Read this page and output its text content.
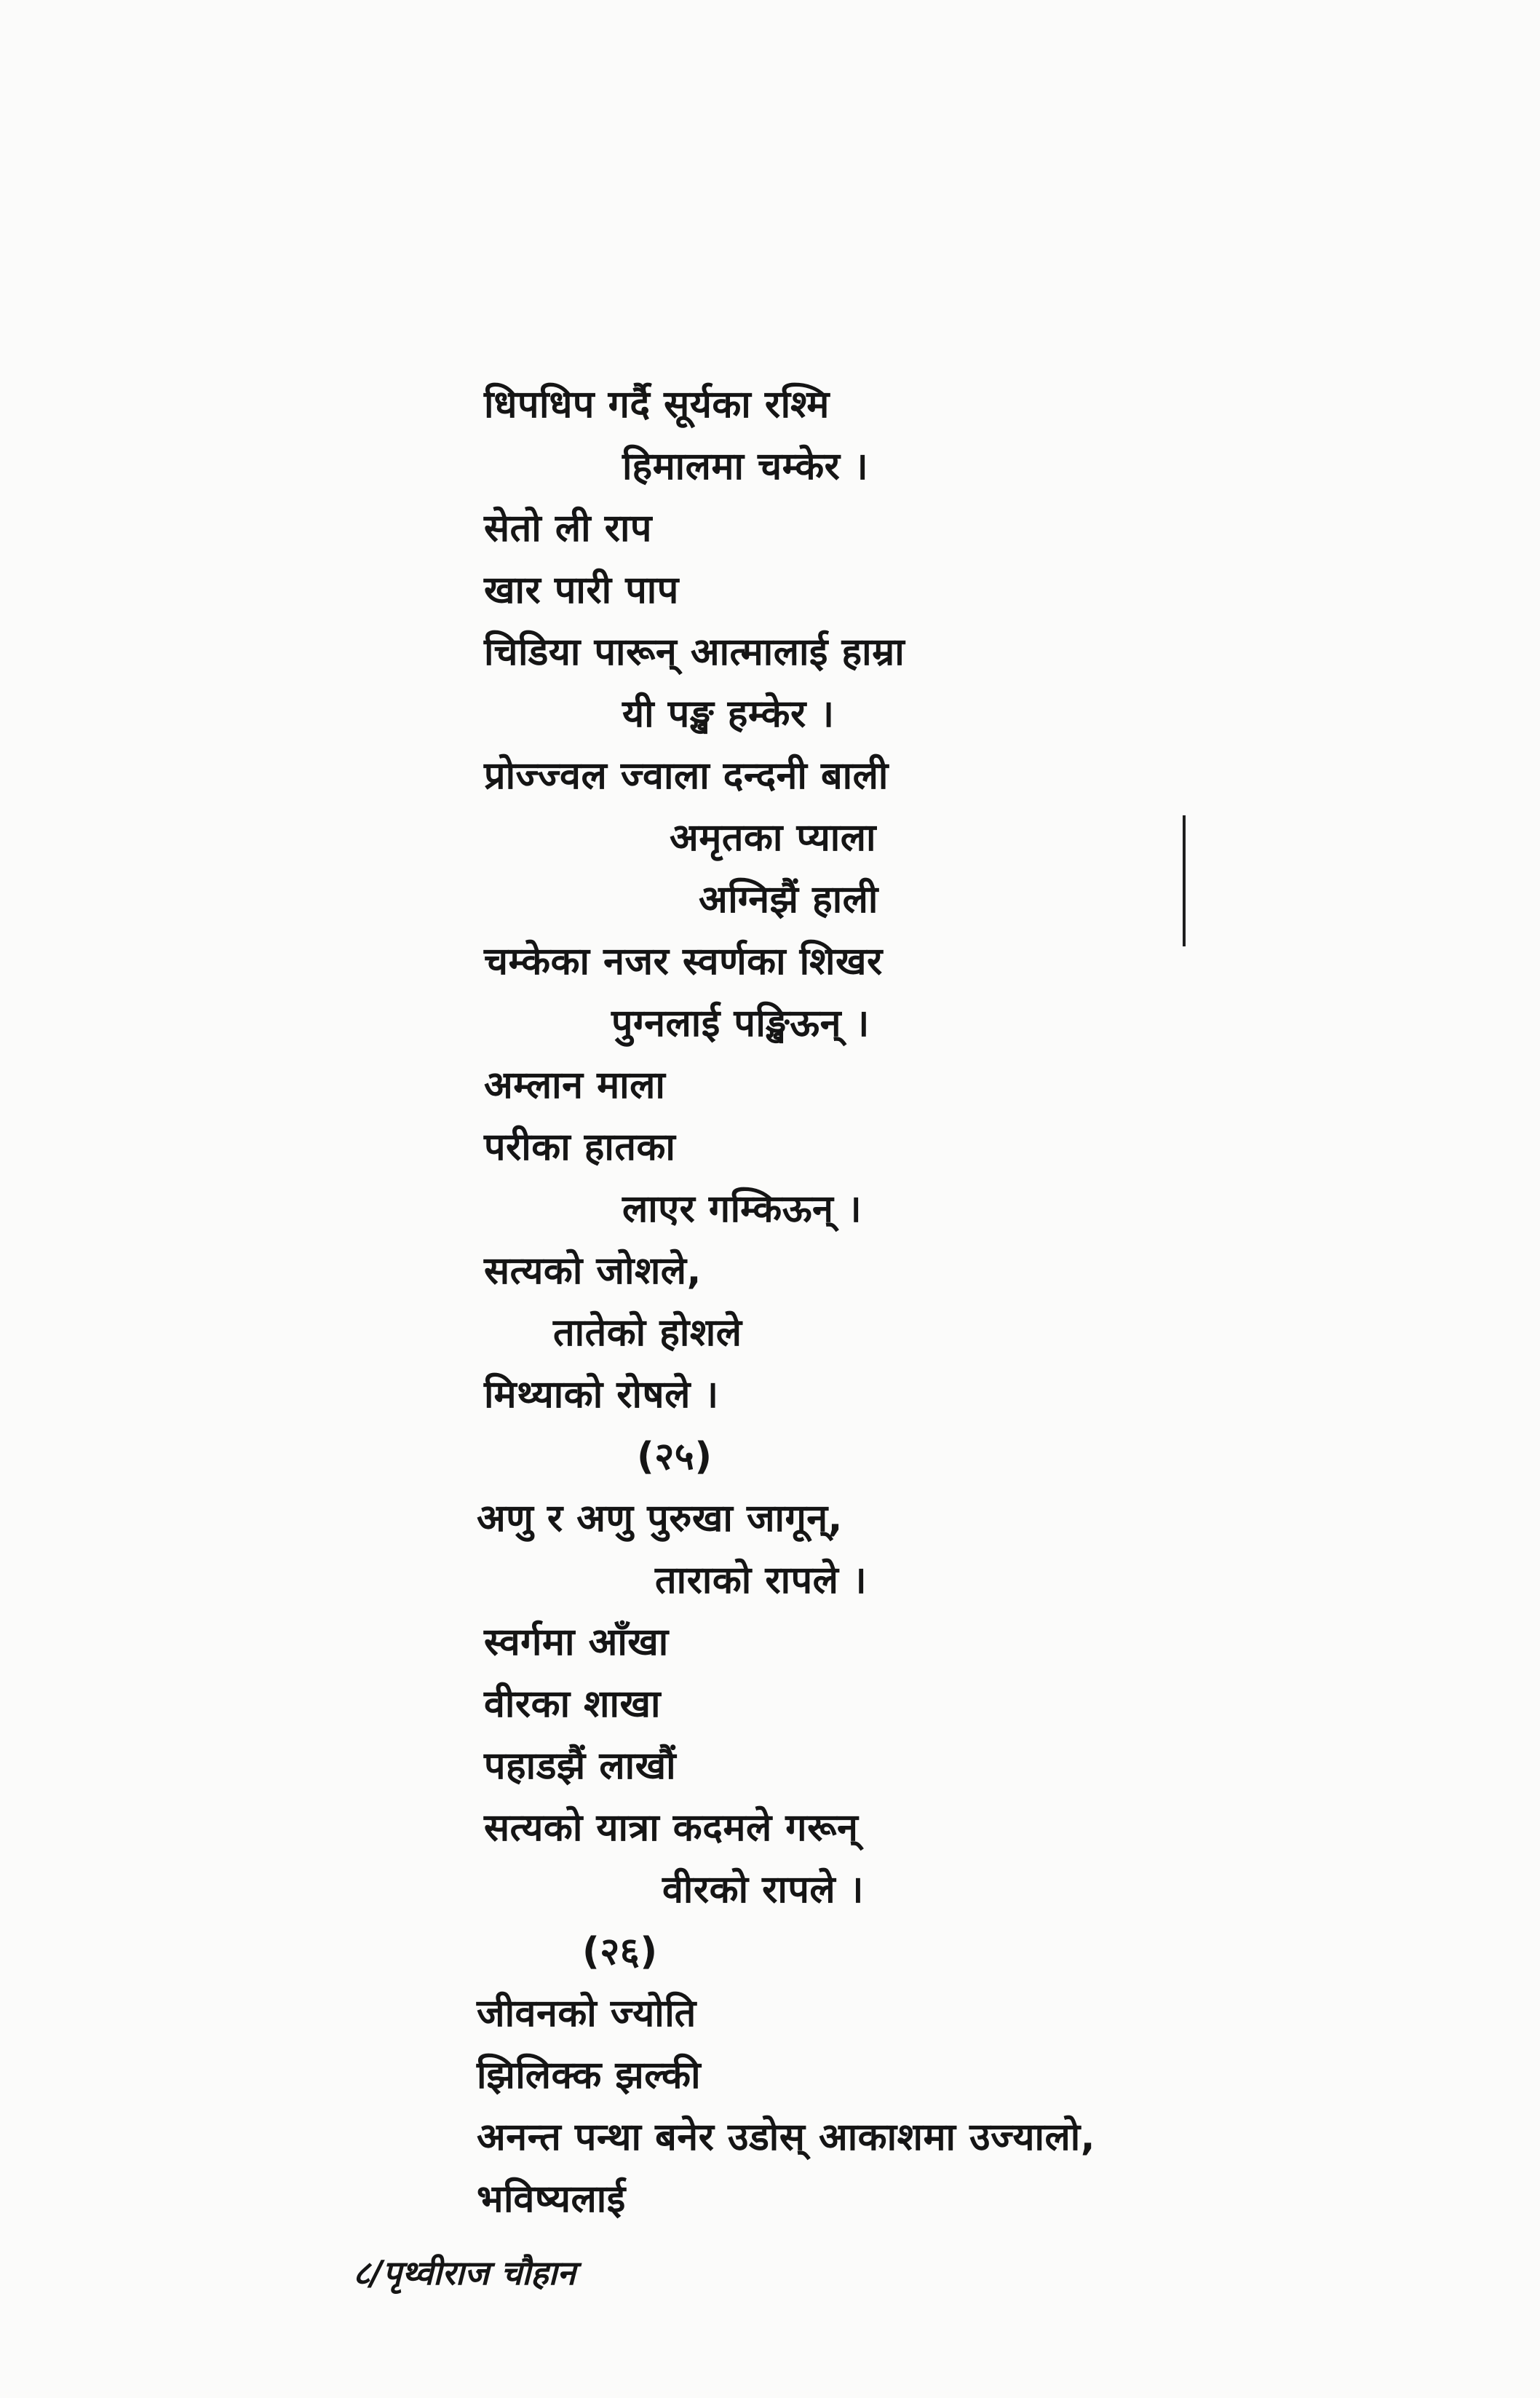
धिपधिप गर्दै सूर्यका रश्मि
हिमालमा चम्केर ।
सेतो ली राप
खार पारी पाप
चिडिया पारून् आत्मालाई हाम्रा
यी पङ्ख हम्केर ।
प्रोज्ज्वल ज्वाला दन्दनी बाली
अमृतका प्याला
अग्निझैं हाली
चम्केका नजर स्वर्णका शिखर
पुग्नलाई पङ्खिऊन् ।
अम्लान माला
परीका हातका
लाएर गम्किऊन् ।
सत्यको जोशले,
तातेको होशले
मिथ्याको रोषले ।
(२५)
अणु र अणु पुरुखा जागून्,
ताराको रापले ।
स्वर्गमा आँखा
वीरका शाखा
पहाडझैं लाखौं
सत्यको यात्रा कदमले गरून्
वीरको रापले ।
(२६)
जीवनको ज्योति
झिलिक्क झल्की
अनन्त पन्था बनेर उडोस् आकाशमा उज्यालो,
भविष्यलाई
८/पृथ्वीराज चौहान
